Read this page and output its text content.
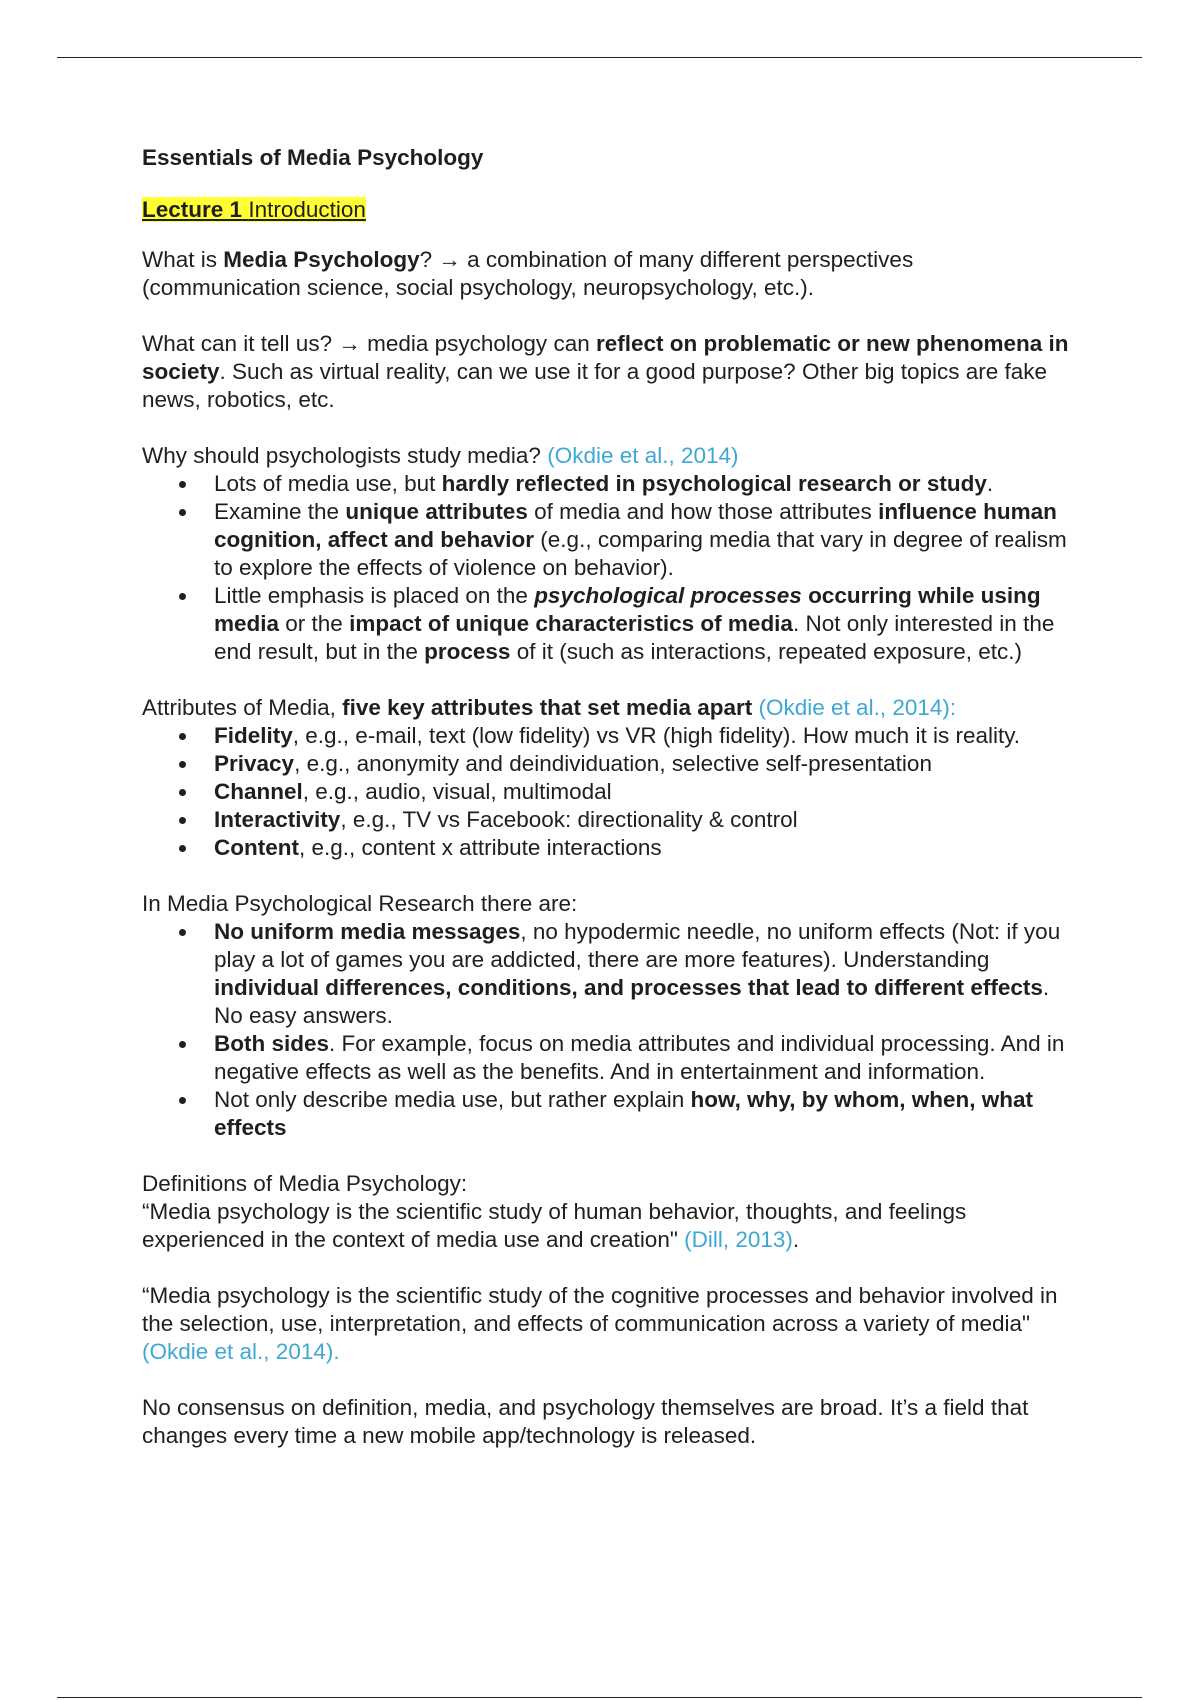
Essentials of Media Psychology

Lecture 1 Introduction

What is Media Psychology? → a combination of many different perspectives (communication science, social psychology, neuropsychology, etc.).

What can it tell us? → media psychology can reflect on problematic or new phenomena in society. Such as virtual reality, can we use it for a good purpose? Other big topics are fake news, robotics, etc.

Why should psychologists study media? (Okdie et al., 2014)

Lots of media use, but hardly reflected in psychological research or study.
Examine the unique attributes of media and how those attributes influence human cognition, affect and behavior (e.g., comparing media that vary in degree of realism to explore the effects of violence on behavior).
Little emphasis is placed on the psychological processes occurring while using media or the impact of unique characteristics of media. Not only interested in the end result, but in the process of it (such as interactions, repeated exposure, etc.)

Attributes of Media, five key attributes that set media apart (Okdie et al., 2014):

Fidelity, e.g., e-mail, text (low fidelity) vs VR (high fidelity). How much it is reality.
Privacy, e.g., anonymity and deindividuation, selective self-presentation
Channel, e.g., audio, visual, multimodal
Interactivity, e.g., TV vs Facebook: directionality & control
Content, e.g., content x attribute interactions

In Media Psychological Research there are:

No uniform media messages, no hypodermic needle, no uniform effects (Not: if you play a lot of games you are addicted, there are more features). Understanding individual differences, conditions, and processes that lead to different effects. No easy answers.
Both sides. For example, focus on media attributes and individual processing. And in negative effects as well as the benefits. And in entertainment and information.
Not only describe media use, but rather explain how, why, by whom, when, what effects

Definitions of Media Psychology:
“Media psychology is the scientific study of human behavior, thoughts, and feelings experienced in the context of media use and creation" (Dill, 2013).

“Media psychology is the scientific study of the cognitive processes and behavior involved in the selection, use, interpretation, and effects of communication across a variety of media" (Okdie et al., 2014).

No consensus on definition, media, and psychology themselves are broad. It’s a field that changes every time a new mobile app/technology is released.
